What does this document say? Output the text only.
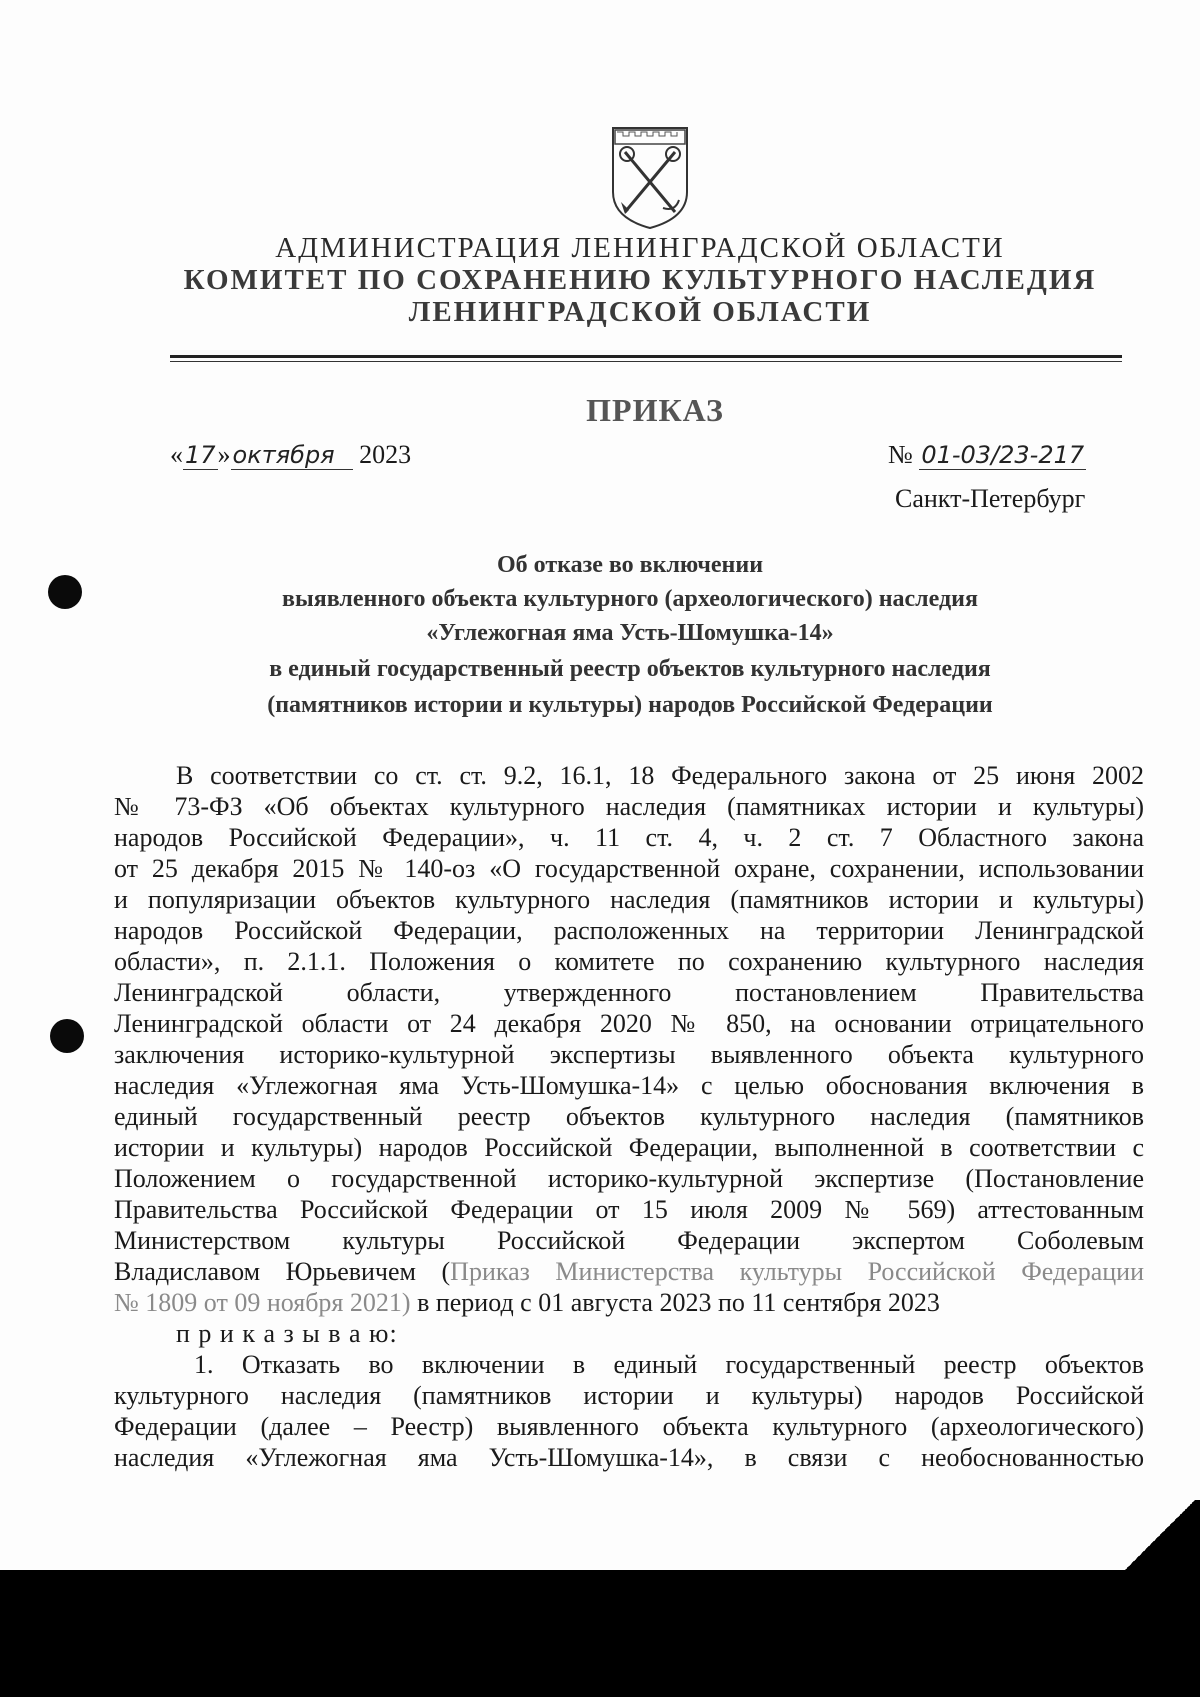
АДМИНИСТРАЦИЯ ЛЕНИНГРАДСКОЙ ОБЛАСТИ
КОМИТЕТ ПО СОХРАНЕНИЮ КУЛЬТУРНОГО НАСЛЕДИЯ
ЛЕНИНГРАДСКОЙ ОБЛАСТИ
ПРИКАЗ
«17»октября 2023	№ 01-03/23-217
Санкт-Петербург
Об отказе во включении
выявленного объекта культурного (археологического) наследия
«Углежогная яма Усть-Шомушка-14»
в единый государственный реестр объектов культурного наследия
(памятников истории и культуры) народов Российской Федерации
В соответствии со ст. ст. 9.2, 16.1, 18 Федерального закона от 25 июня 2002
№ 73-ФЗ «Об объектах культурного наследия (памятниках истории и культуры)
народов Российской Федерации», ч. 11 ст. 4, ч. 2 ст. 7 Областного закона
от 25 декабря 2015 № 140-оз «О государственной охране, сохранении, использовании
и популяризации объектов культурного наследия (памятников истории и культуры)
народов Российской Федерации, расположенных на территории Ленинградской
области», п. 2.1.1. Положения о комитете по сохранению культурного наследия
Ленинградской области, утвержденного постановлением Правительства
Ленинградской области от 24 декабря 2020 № 850, на основании отрицательного
заключения историко-культурной экспертизы выявленного объекта культурного
наследия «Углежогная яма Усть-Шомушка-14» с целью обоснования включения в
единый государственный реестр объектов культурного наследия (памятников
истории и культуры) народов Российской Федерации, выполненной в соответствии с
Положением о государственной историко-культурной экспертизе (Постановление
Правительства Российской Федерации от 15 июля 2009 № 569) аттестованным
Министерством культуры Российской Федерации экспертом Соболевым
Владиславом Юрьевичем (Приказ Министерства культуры Российской Федерации
№ 1809 от 09 ноября 2021) в период с 01 августа 2023 по 11 сентября 2023
п р и к а з ы в а ю:
1. Отказать во включении в единый государственный реестр объектов
культурного наследия (памятников истории и культуры) народов Российской
Федерации (далее – Реестр) выявленного объекта культурного (археологического)
наследия «Углежогная яма Усть-Шомушка-14», в связи с необоснованностью
